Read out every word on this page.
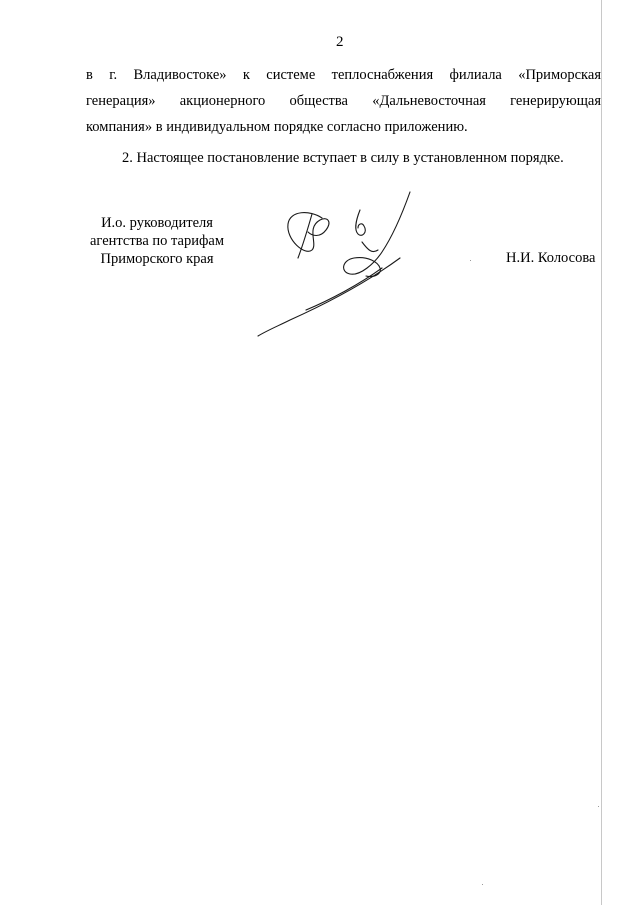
2
в г. Владивостоке» к системе теплоснабжения филиала «Приморская
генерация» акционерного общества «Дальневосточная генерирующая
компания» в индивидуальном порядке согласно приложению.
2. Настоящее постановление вступает в силу в установленном порядке.
И.о. руководителя
агентства по тарифам
Приморского края	Н.И. Колосова
